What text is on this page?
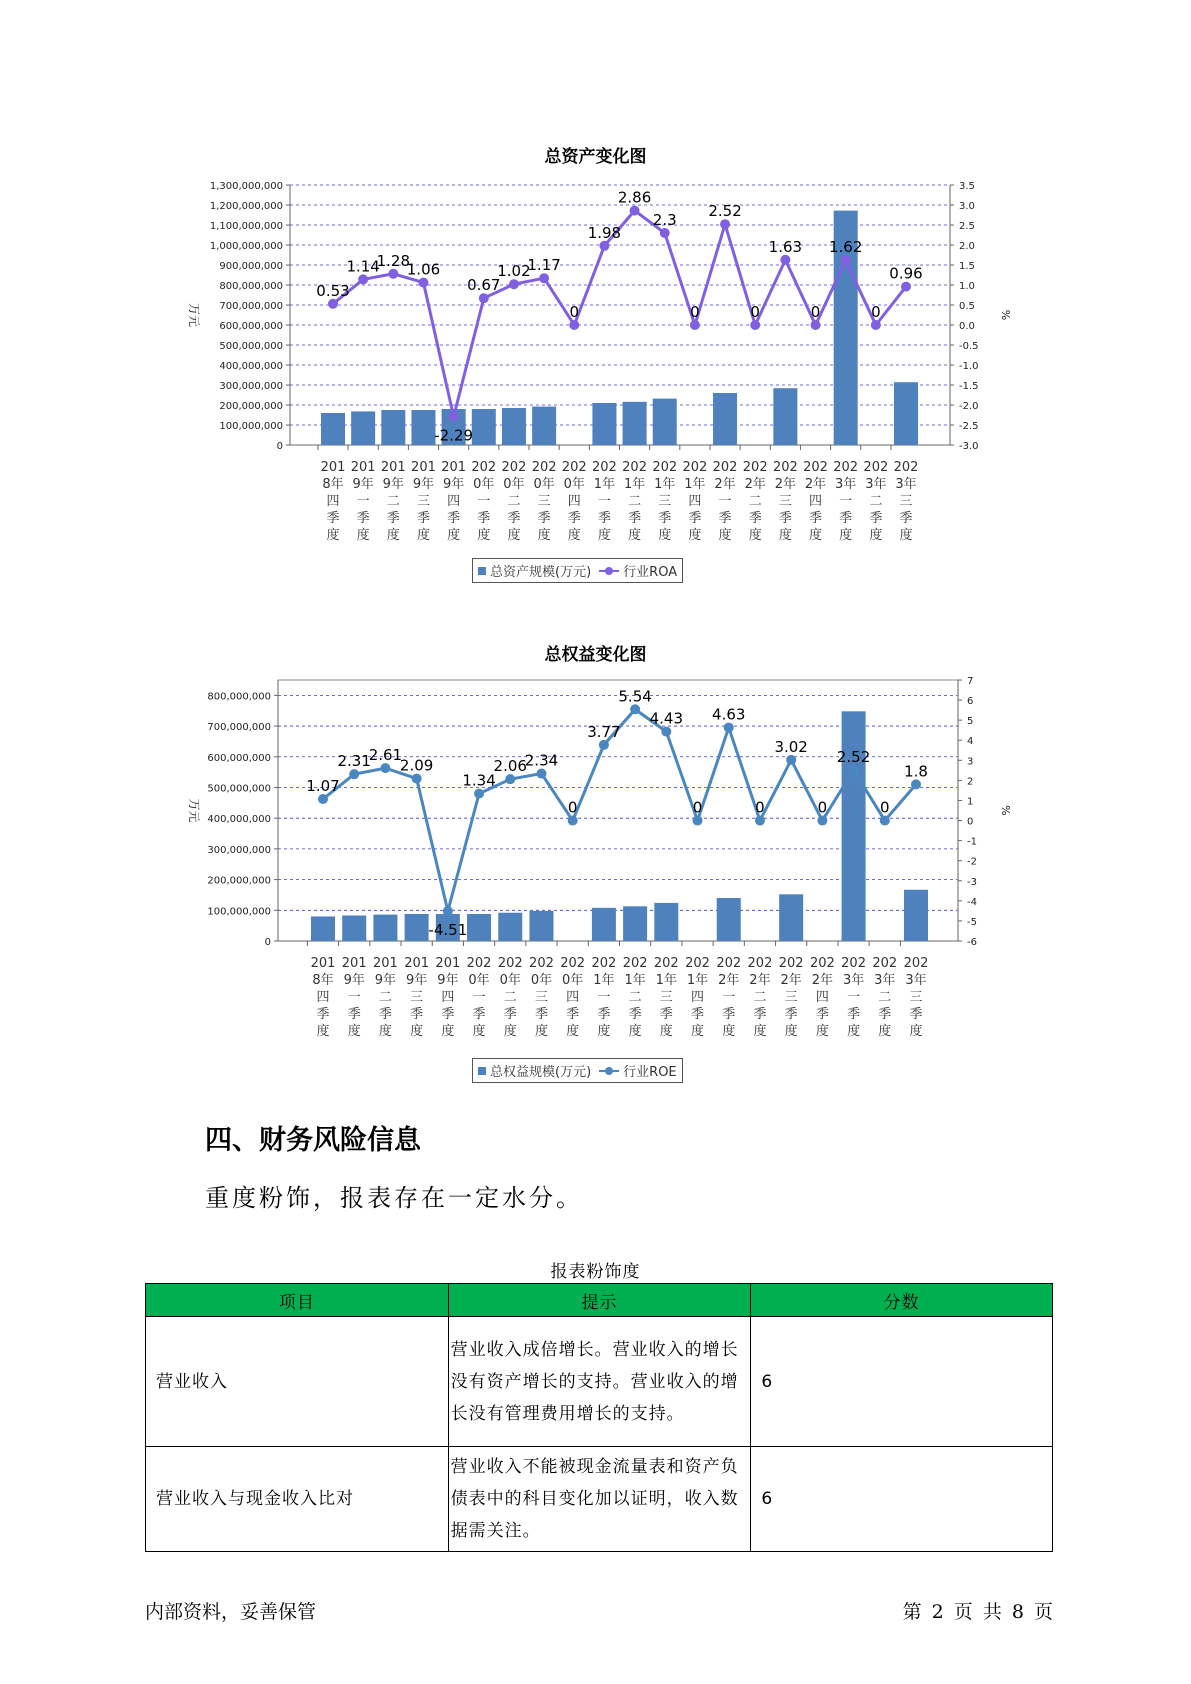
总资产变化图
0
100,000,000
200,000,000
300,000,000
400,000,000
500,000,000
600,000,000
700,000,000
800,000,000
900,000,000
1,000,000,000
1,100,000,000
1,200,000,000
1,300,000,000
-3.0
-2.5
-2.0
-1.5
-1.0
-0.5
0.0
0.5
1.0
1.5
2.0
2.5
3.0
3.5
万元	%
0.53
1.14
1.28
1.06
-2.29
0.67
1.02
1.17
0
1.98
2.86
2.3
0
2.52
0
1.63
0
1.62
0
0.96
201
8年
四
季
度
201
9年
一
季
度
201
9年
二
季
度
201
9年
三
季
度
201
9年
四
季
度
202
0年
一
季
度
202
0年
二
季
度
202
0年
三
季
度
202
0年
四
季
度
202
1年
一
季
度
202
1年
二
季
度
202
1年
三
季
度
202
1年
四
季
度
202
2年
一
季
度
202
2年
二
季
度
202
2年
三
季
度
202
2年
四
季
度
202
3年
一
季
度
202
3年
二
季
度
202
3年
三
季
度
总资产规模(万元) 行业ROA
总权益变化图
0
100,000,000
200,000,000
300,000,000
400,000,000
500,000,000
600,000,000
700,000,000
800,000,000
-6
-5
-4
-3
-2
-1
0
1
2
3
4
5
6
7
万元	%
1.07
2.31
2.61
2.09
-4.51
1.34
2.06
2.34
0
3.77
5.54
4.43
0
4.63
0
3.02
0
2.52
0
1.8
201
8年
四
季
度
201
9年
一
季
度
201
9年
二
季
度
201
9年
三
季
度
201
9年
四
季
度
202
0年
一
季
度
202
0年
二
季
度
202
0年
三
季
度
202
0年
四
季
度
202
1年
一
季
度
202
1年
二
季
度
202
1年
三
季
度
202
1年
四
季
度
202
2年
一
季
度
202
2年
二
季
度
202
2年
三
季
度
202
2年
四
季
度
202
3年
一
季
度
202
3年
二
季
度
202
3年
三
季
度
总权益规模(万元) 行业ROE
四、财务风险信息
重度粉饰，报表存在一定水分。
报表粉饰度
项目	提示	分数
营业收入	营业收入成倍增长。营业收入的增长没有资产增长的支持。营业收入的增长没有管理费用增长的支持。	6
营业收入与现金收入比对	营业收入不能被现金流量表和资产负债表中的科目变化加以证明，收入数据需关注。	6
内部资料，妥善保管	第 2 页 共 8 页
